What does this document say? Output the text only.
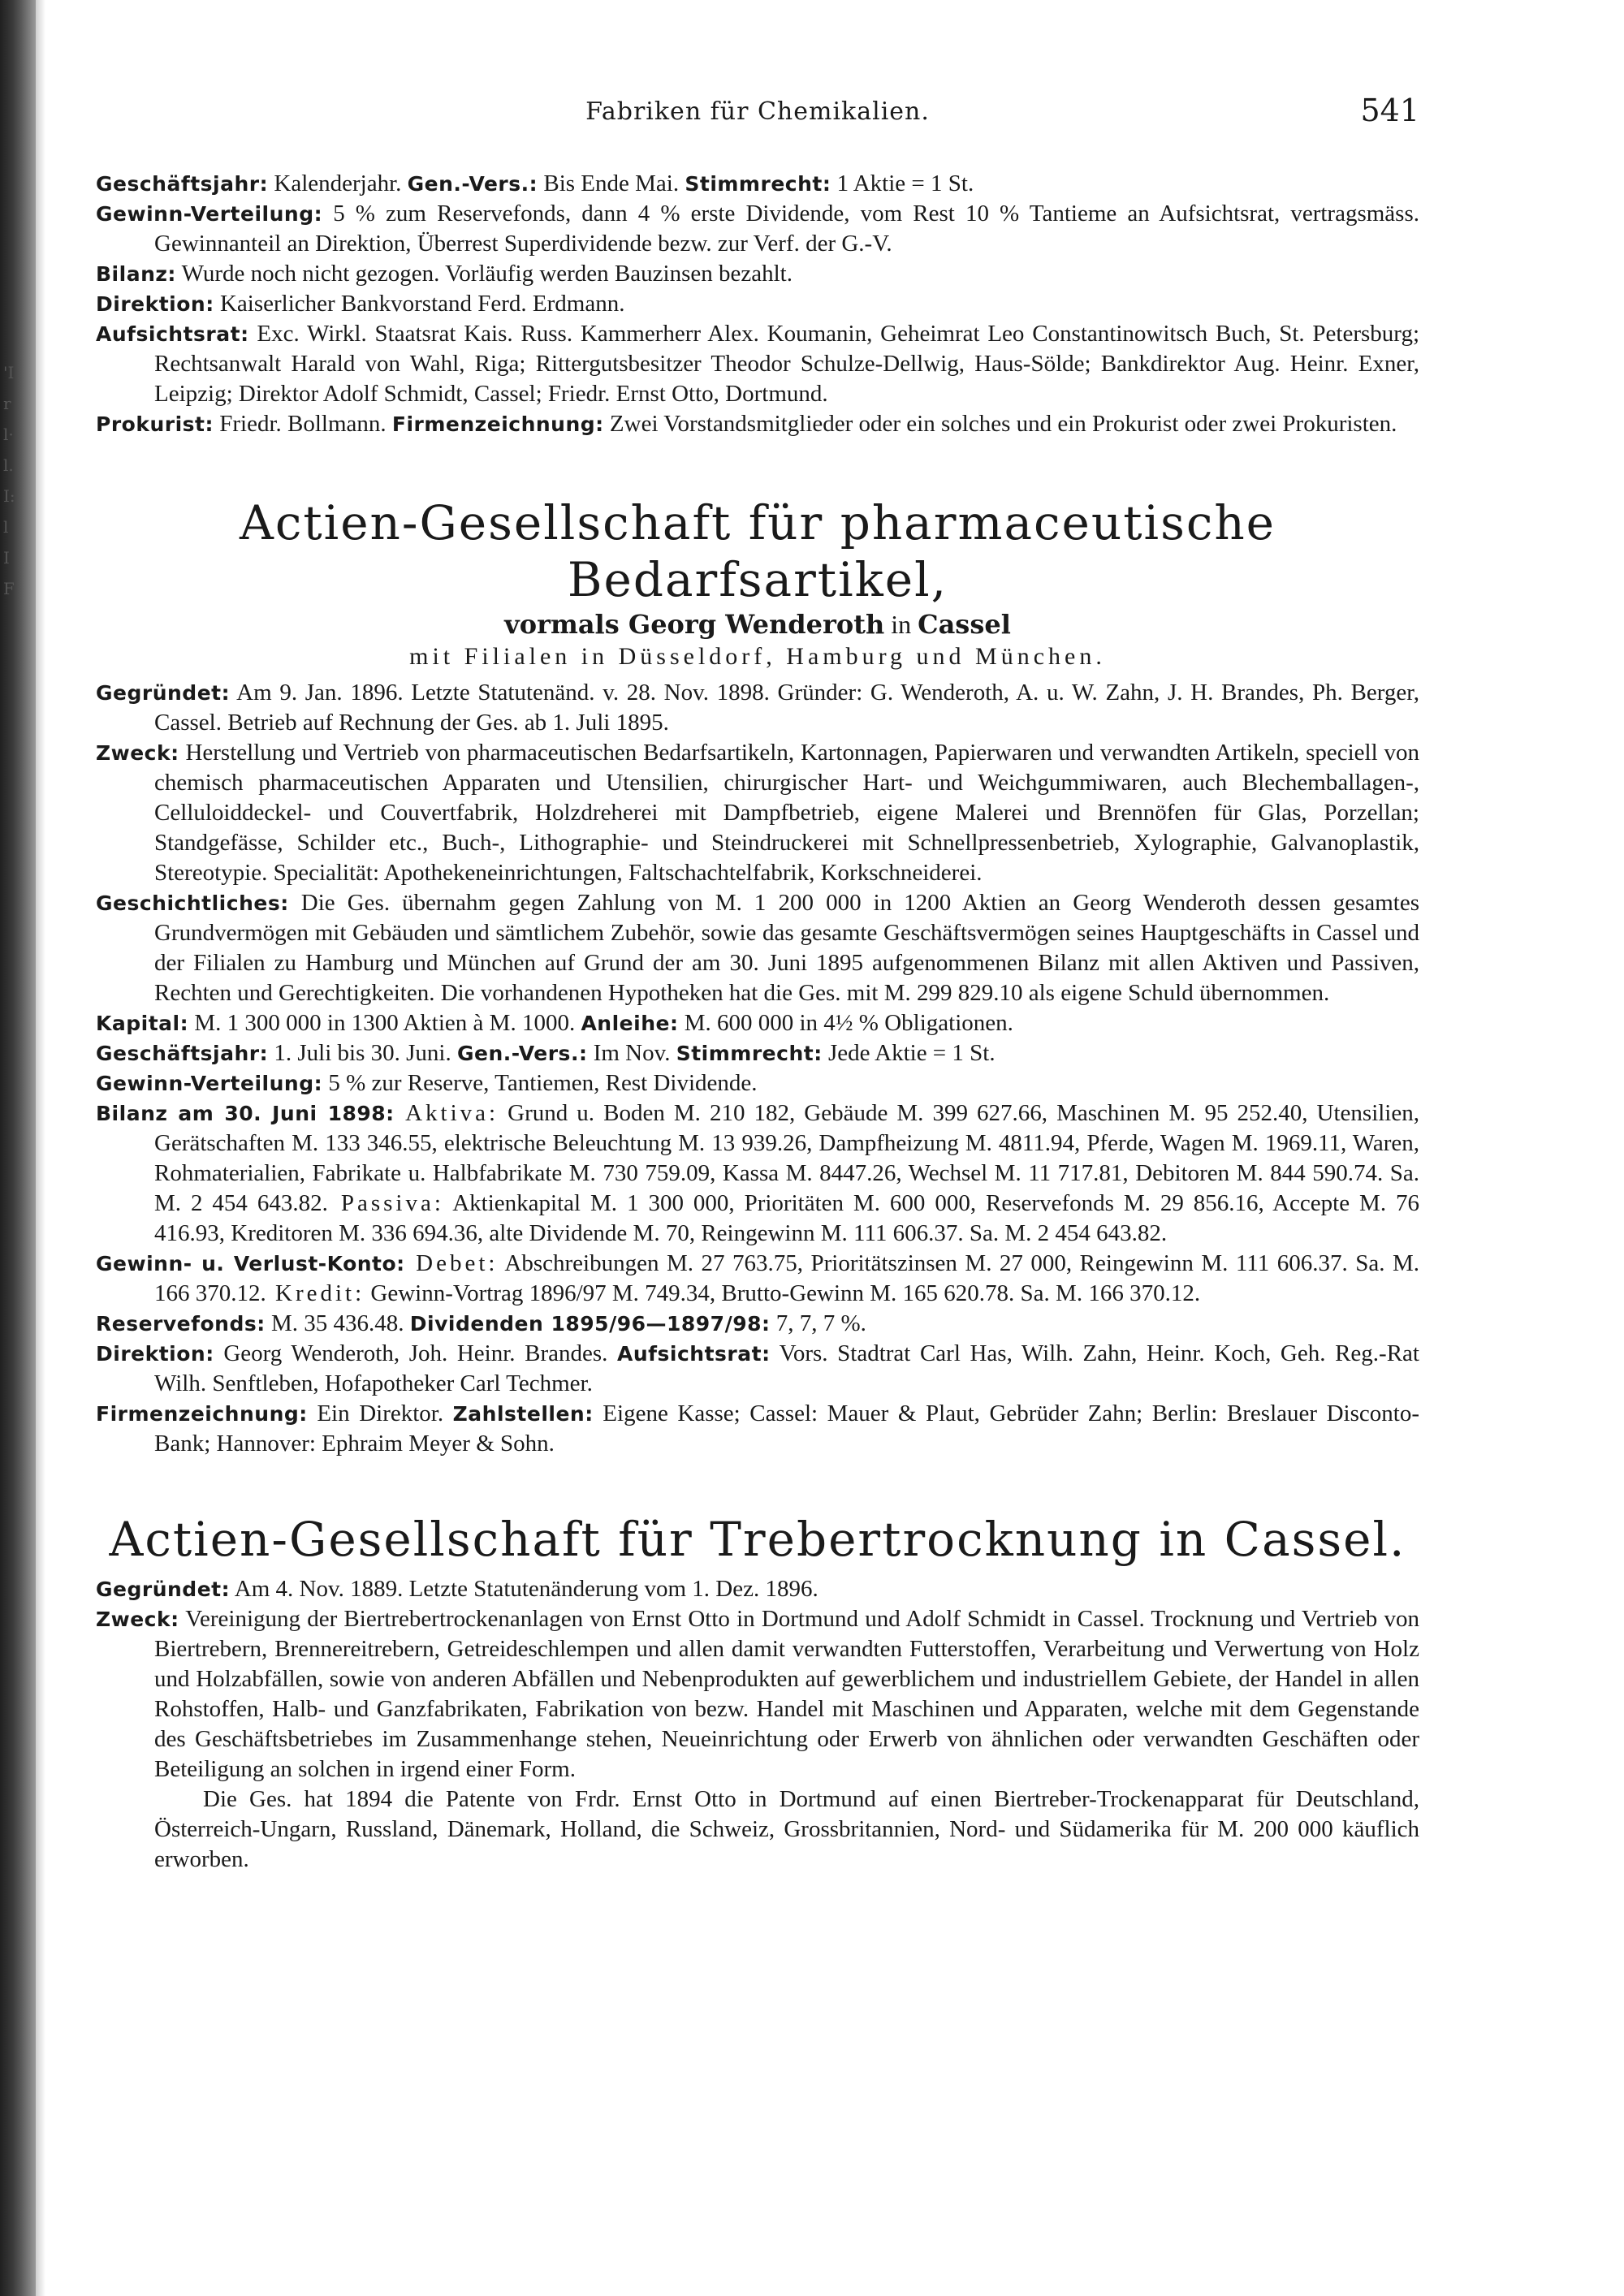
'I
r
l·
l.
I:
l
I
F
Fabriken für Chemikalien.	541

Geschäftsjahr: Kalenderjahr. Gen.-Vers.: Bis Ende Mai. Stimmrecht: 1 Aktie = 1 St.

Gewinn-Verteilung: 5 % zum Reservefonds, dann 4 % erste Dividende, vom Rest 10 % Tantieme an Aufsichtsrat, vertragsmäss. Gewinnanteil an Direktion, Überrest Superdividende bezw. zur Verf. der G.-V.

Bilanz: Wurde noch nicht gezogen. Vorläufig werden Bauzinsen bezahlt.

Direktion: Kaiserlicher Bankvorstand Ferd. Erdmann.

Aufsichtsrat: Exc. Wirkl. Staatsrat Kais. Russ. Kammerherr Alex. Koumanin, Geheimrat Leo Constantinowitsch Buch, St. Petersburg; Rechtsanwalt Harald von Wahl, Riga; Rittergutsbesitzer Theodor Schulze-Dellwig, Haus-Sölde; Bankdirektor Aug. Heinr. Exner, Leipzig; Direktor Adolf Schmidt, Cassel; Friedr. Ernst Otto, Dortmund.

Prokurist: Friedr. Bollmann. Firmenzeichnung: Zwei Vorstandsmitglieder oder ein solches und ein Prokurist oder zwei Prokuristen.

Actien-Gesellschaft für pharmaceutische Bedarfsartikel,

vormals Georg Wenderoth in Cassel

mit Filialen in Düsseldorf, Hamburg und München.

Gegründet: Am 9. Jan. 1896. Letzte Statutenänd. v. 28. Nov. 1898. Gründer: G. Wenderoth, A. u. W. Zahn, J. H. Brandes, Ph. Berger, Cassel. Betrieb auf Rechnung der Ges. ab 1. Juli 1895.

Zweck: Herstellung und Vertrieb von pharmaceutischen Bedarfsartikeln, Kartonnagen, Papierwaren und verwandten Artikeln, speciell von chemisch pharmaceutischen Apparaten und Utensilien, chirurgischer Hart- und Weichgummiwaren, auch Blechemballagen-, Celluloiddeckel- und Couvertfabrik, Holzdreherei mit Dampfbetrieb, eigene Malerei und Brennöfen für Glas, Porzellan; Standgefässe, Schilder etc., Buch-, Lithographie- und Steindruckerei mit Schnellpressenbetrieb, Xylographie, Galvanoplastik, Stereotypie. Specialität: Apothekeneinrichtungen, Faltschachtelfabrik, Korkschneiderei.

Geschichtliches: Die Ges. übernahm gegen Zahlung von M. 1 200 000 in 1200 Aktien an Georg Wenderoth dessen gesamtes Grundvermögen mit Gebäuden und sämtlichem Zubehör, sowie das gesamte Geschäftsvermögen seines Hauptgeschäfts in Cassel und der Filialen zu Hamburg und München auf Grund der am 30. Juni 1895 aufgenommenen Bilanz mit allen Aktiven und Passiven, Rechten und Gerechtigkeiten. Die vorhandenen Hypotheken hat die Ges. mit M. 299 829.10 als eigene Schuld übernommen.

Kapital: M. 1 300 000 in 1300 Aktien à M. 1000. Anleihe: M. 600 000 in 4½ % Obligationen.

Geschäftsjahr: 1. Juli bis 30. Juni. Gen.-Vers.: Im Nov. Stimmrecht: Jede Aktie = 1 St.

Gewinn-Verteilung: 5 % zur Reserve, Tantiemen, Rest Dividende.

Bilanz am 30. Juni 1898: Aktiva: Grund u. Boden M. 210 182, Gebäude M. 399 627.66, Maschinen M. 95 252.40, Utensilien, Gerätschaften M. 133 346.55, elektrische Beleuchtung M. 13 939.26, Dampfheizung M. 4811.94, Pferde, Wagen M. 1969.11, Waren, Rohmaterialien, Fabrikate u. Halbfabrikate M. 730 759.09, Kassa M. 8447.26, Wechsel M. 11 717.81, Debitoren M. 844 590.74. Sa. M. 2 454 643.82. Passiva: Aktienkapital M. 1 300 000, Prioritäten M. 600 000, Reservefonds M. 29 856.16, Accepte M. 76 416.93, Kreditoren M. 336 694.36, alte Dividende M. 70, Reingewinn M. 111 606.37. Sa. M. 2 454 643.82.

Gewinn- u. Verlust-Konto: Debet: Abschreibungen M. 27 763.75, Prioritätszinsen M. 27 000, Reingewinn M. 111 606.37. Sa. M. 166 370.12. Kredit: Gewinn-Vortrag 1896/97 M. 749.34, Brutto-Gewinn M. 165 620.78. Sa. M. 166 370.12.

Reservefonds: M. 35 436.48. Dividenden 1895/96—1897/98: 7, 7, 7 %.

Direktion: Georg Wenderoth, Joh. Heinr. Brandes. Aufsichtsrat: Vors. Stadtrat Carl Has, Wilh. Zahn, Heinr. Koch, Geh. Reg.-Rat Wilh. Senftleben, Hofapotheker Carl Techmer.

Firmenzeichnung: Ein Direktor. Zahlstellen: Eigene Kasse; Cassel: Mauer & Plaut, Gebrüder Zahn; Berlin: Breslauer Disconto-Bank; Hannover: Ephraim Meyer & Sohn.

Actien-Gesellschaft für Trebertrocknung in Cassel.

Gegründet: Am 4. Nov. 1889. Letzte Statutenänderung vom 1. Dez. 1896.

Zweck: Vereinigung der Biertrebertrockenanlagen von Ernst Otto in Dortmund und Adolf Schmidt in Cassel. Trocknung und Vertrieb von Biertrebern, Brennereitrebern, Getreideschlempen und allen damit verwandten Futterstoffen, Verarbeitung und Verwertung von Holz und Holzabfällen, sowie von anderen Abfällen und Nebenprodukten auf gewerblichem und industriellem Gebiete, der Handel in allen Rohstoffen, Halb- und Ganzfabrikaten, Fabrikation von bezw. Handel mit Maschinen und Apparaten, welche mit dem Gegenstande des Geschäftsbetriebes im Zusammenhange stehen, Neueinrichtung oder Erwerb von ähnlichen oder verwandten Geschäften oder Beteiligung an solchen in irgend einer Form.

Die Ges. hat 1894 die Patente von Frdr. Ernst Otto in Dortmund auf einen Biertreber-Trockenapparat für Deutschland, Österreich-Ungarn, Russland, Dänemark, Holland, die Schweiz, Grossbritannien, Nord- und Südamerika für M. 200 000 käuflich erworben.
